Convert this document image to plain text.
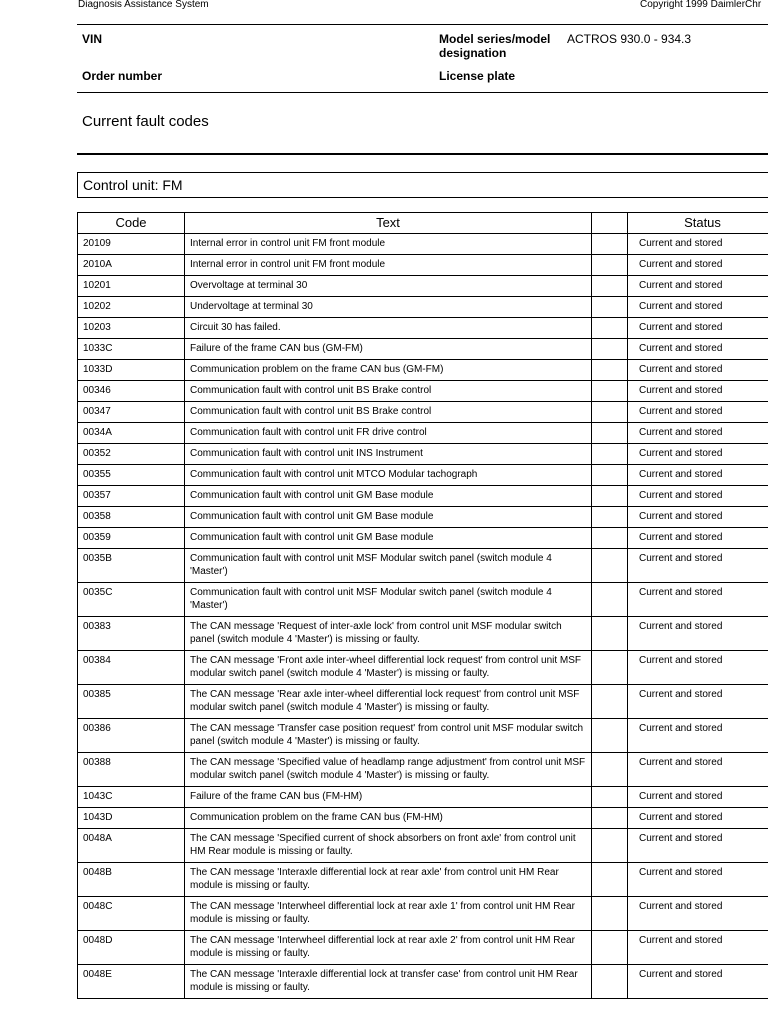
Diagnosis Assistance System	Copyright 1999 DaimlerChr
VIN	Model series/model designation
ACTROS 930.0 - 934.3
Order number	License plate
Current fault codes
Control unit: FM
Code	Text		Status
20109	Internal error in control unit FM front module		Current and stored
2010A	Internal error in control unit FM front module		Current and stored
10201	Overvoltage at terminal 30		Current and stored
10202	Undervoltage at terminal 30		Current and stored
10203	Circuit 30 has failed.		Current and stored
1033C	Failure of the frame CAN bus (GM-FM)		Current and stored
1033D	Communication problem on the frame CAN bus (GM-FM)		Current and stored
00346	Communication fault with control unit BS Brake control		Current and stored
00347	Communication fault with control unit BS Brake control		Current and stored
0034A	Communication fault with control unit FR drive control		Current and stored
00352	Communication fault with control unit INS Instrument		Current and stored
00355	Communication fault with control unit MTCO Modular tachograph		Current and stored
00357	Communication fault with control unit GM Base module		Current and stored
00358	Communication fault with control unit GM Base module		Current and stored
00359	Communication fault with control unit GM Base module		Current and stored
0035B	Communication fault with control unit MSF Modular switch panel (switch module 4 'Master')		Current and stored
0035C	Communication fault with control unit MSF Modular switch panel (switch module 4 'Master')		Current and stored
00383	The CAN message 'Request of inter-axle lock' from control unit MSF modular switch panel (switch module 4 'Master') is missing or faulty.		Current and stored
00384	The CAN message 'Front axle inter-wheel differential lock request' from control unit MSF modular switch panel (switch module 4 'Master') is missing or faulty.		Current and stored
00385	The CAN message 'Rear axle inter-wheel differential lock request' from control unit MSF modular switch panel (switch module 4 'Master') is missing or faulty.		Current and stored
00386	The CAN message 'Transfer case position request' from control unit MSF modular switch panel (switch module 4 'Master') is missing or faulty.		Current and stored
00388	The CAN message 'Specified value of headlamp range adjustment' from control unit MSF modular switch panel (switch module 4 'Master') is missing or faulty.		Current and stored
1043C	Failure of the frame CAN bus (FM-HM)		Current and stored
1043D	Communication problem on the frame CAN bus (FM-HM)		Current and stored
0048A	The CAN message 'Specified current of shock absorbers on front axle' from control unit HM Rear module is missing or faulty.		Current and stored
0048B	The CAN message 'Interaxle differential lock at rear axle' from control unit HM Rear module is missing or faulty.		Current and stored
0048C	The CAN message 'Interwheel differential lock at rear axle 1' from control unit HM Rear module is missing or faulty.		Current and stored
0048D	The CAN message 'Interwheel differential lock at rear axle 2' from control unit HM Rear module is missing or faulty.		Current and stored
0048E	The CAN message 'Interaxle differential lock at transfer case' from control unit HM Rear module is missing or faulty.		Current and stored
